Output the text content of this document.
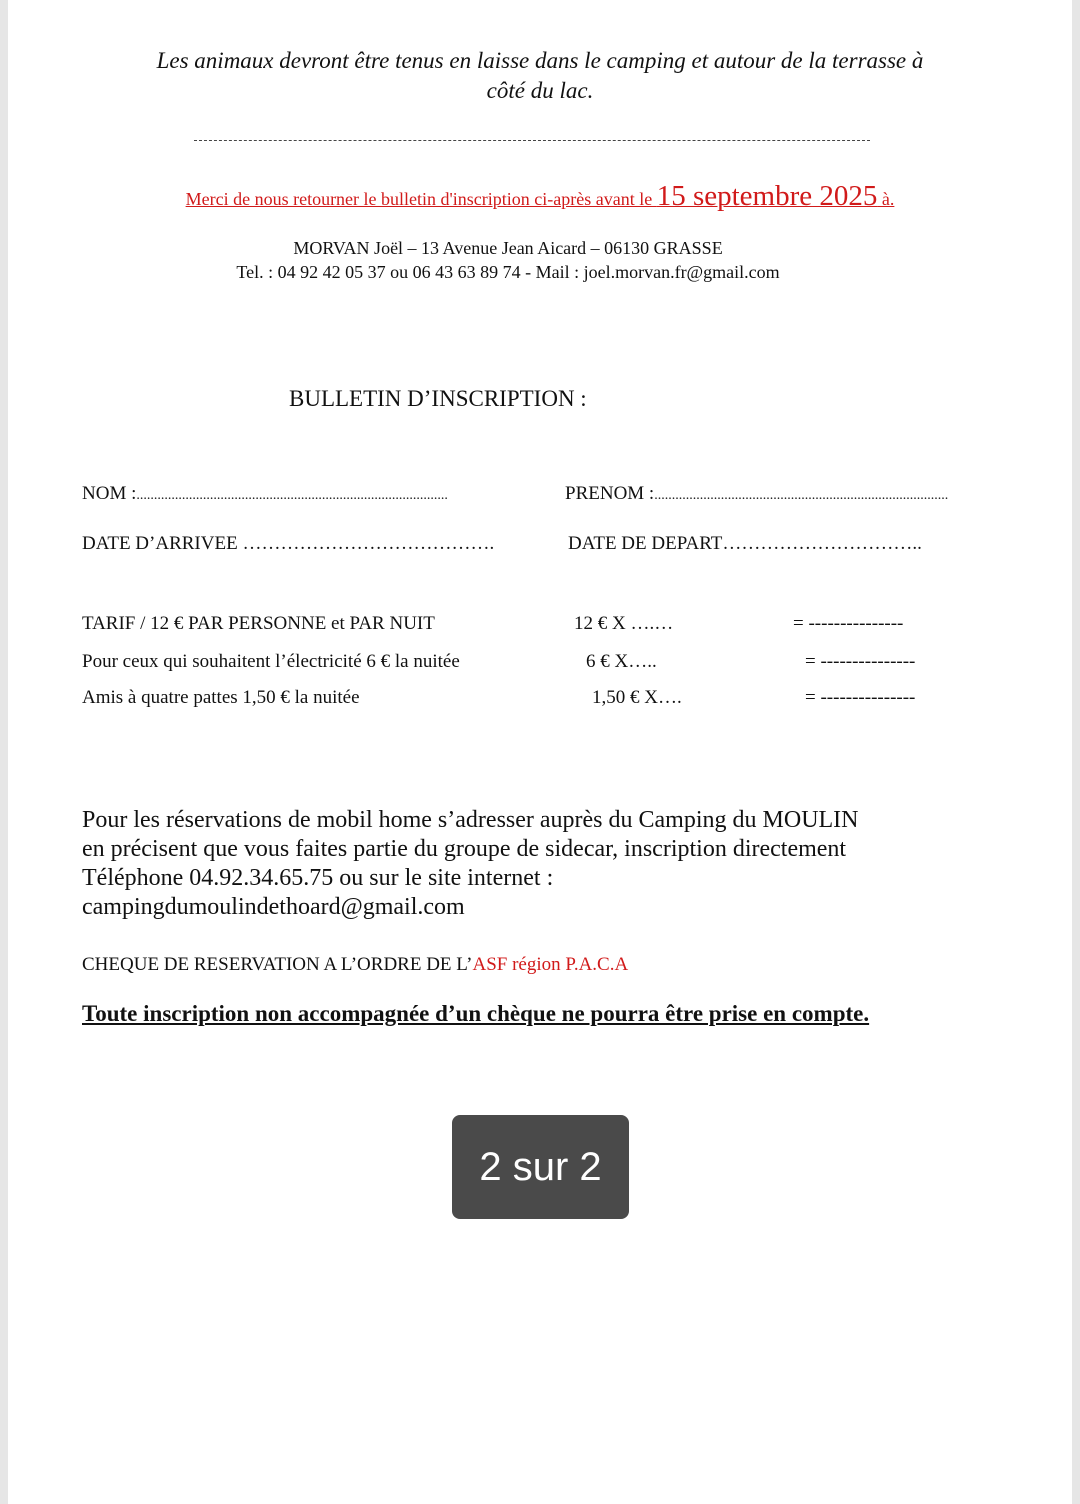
Les animaux devront être tenus en laisse dans le camping et autour de la terrasse à
côté du lac.
Merci de nous retourner le bulletin d'inscription ci-après avant le 15 septembre 2025 à.
MORVAN Joël – 13 Avenue Jean Aicard – 06130 GRASSE
Tel. : 04 92 42 05 37 ou 06 43 63 89 74 - Mail : joel.morvan.fr@gmail.com
BULLETIN D’INSCRIPTION :
NOM :.........................................................................................	PRENOM :....................................................................................
DATE D’ARRIVEE ………………………………….	DATE DE DEPART…………………………..
TARIF / 12 € PAR PERSONNE et PAR NUIT	12 € X ….…	= ---------------
Pour ceux qui souhaitent l’électricité 6 € la nuitée	6 € X…..	= ---------------
Amis à quatre pattes 1,50 € la nuitée	1,50 € X….	= ---------------
Pour les réservations de mobil home s’adresser auprès du Camping du MOULIN
en précisent que vous faites partie du groupe de sidecar, inscription directement
Téléphone 04.92.34.65.75 ou sur le site internet :
campingdumoulindethoard@gmail.com
CHEQUE DE RESERVATION A L’ORDRE DE L’ASF région P.A.C.A
Toute inscription non accompagnée d’un chèque ne pourra être prise en compte.
2 sur 2
